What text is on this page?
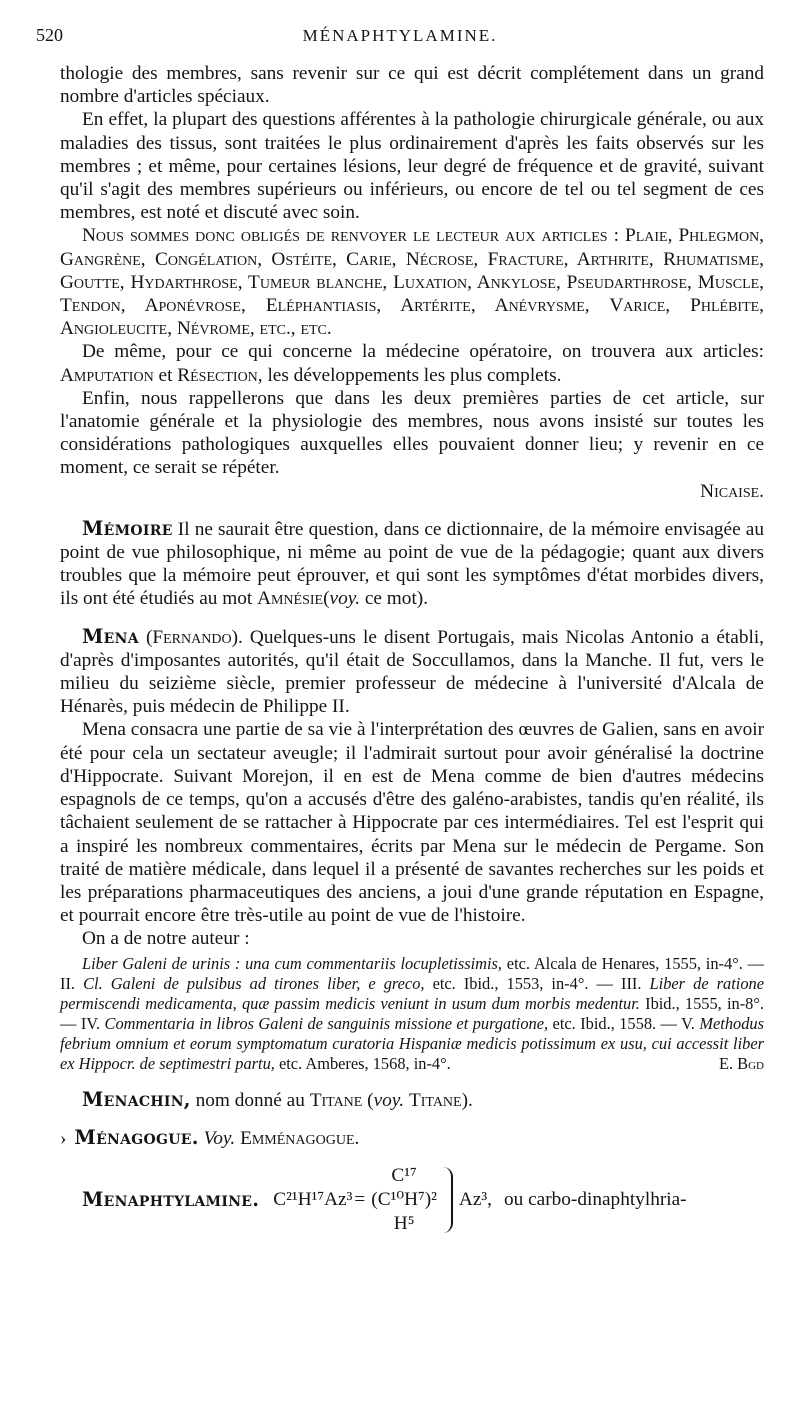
520	MÉNAPHTYLAMINE.

thologie des membres, sans revenir sur ce qui est décrit complétement dans un grand nombre d'articles spéciaux.

En effet, la plupart des questions afférentes à la pathologie chirurgicale générale, ou aux maladies des tissus, sont traitées le plus ordinairement d'après les faits observés sur les membres ; et même, pour certaines lésions, leur degré de fréquence et de gravité, suivant qu'il s'agit des membres supérieurs ou inférieurs, ou encore de tel ou tel segment de ces membres, est noté et discuté avec soin.

Nous sommes donc obligés de renvoyer le lecteur aux articles : Plaie, Phlegmon, Gangrène, Congélation, Ostéite, Carie, Nécrose, Fracture, Arthrite, Rhumatisme, Goutte, Hydarthrose, Tumeur blanche, Luxation, Ankylose, Pseudarthrose, Muscle, Tendon, Aponévrose, Eléphantiasis, Artérite, Anévrysme, Varice, Phlébite, Angioleucite, Névrome, etc., etc.

De même, pour ce qui concerne la médecine opératoire, on trouvera aux articles: Amputation et Résection, les développements les plus complets.

Enfin, nous rappellerons que dans les deux premières parties de cet article, sur l'anatomie générale et la physiologie des membres, nous avons insisté sur toutes les considérations pathologiques auxquelles elles pouvaient donner lieu; y revenir en ce moment, ce serait se répéter.

Nicaise.

Mémoire Il ne saurait être question, dans ce dictionnaire, de la mémoire envisagée au point de vue philosophique, ni même au point de vue de la pédagogie; quant aux divers troubles que la mémoire peut éprouver, et qui sont les symptômes d'état morbides divers, ils ont été étudiés au mot Amnésie(voy. ce mot).

Mena (Fernando). Quelques-uns le disent Portugais, mais Nicolas Antonio a établi, d'après d'imposantes autorités, qu'il était de Soccullamos, dans la Manche. Il fut, vers le milieu du seizième siècle, premier professeur de médecine à l'université d'Alcala de Hénarès, puis médecin de Philippe II.

Mena consacra une partie de sa vie à l'interprétation des œuvres de Galien, sans en avoir été pour cela un sectateur aveugle; il l'admirait surtout pour avoir généralisé la doctrine d'Hippocrate. Suivant Morejon, il en est de Mena comme de bien d'autres médecins espagnols de ce temps, qu'on a accusés d'être des galéno-arabistes, tandis qu'en réalité, ils tâchaient seulement de se rattacher à Hippocrate par ces intermédiaires. Tel est l'esprit qui a inspiré les nombreux commentaires, écrits par Mena sur le médecin de Pergame. Son traité de matière médicale, dans lequel il a présenté de savantes recherches sur les poids et les préparations pharmaceutiques des anciens, a joui d'une grande réputation en Espagne, et pourrait encore être très-utile au point de vue de l'histoire.

On a de notre auteur :

Liber Galeni de urinis : una cum commentariis locupletissimis, etc. Alcala de Henares, 1555, in-4°. — II. Cl. Galeni de pulsibus ad tirones liber, e greco, etc. Ibid., 1553, in-4°. — III. Liber de ratione permiscendi medicamenta, quæ passim medicis veniunt in usum dum morbis medentur. Ibid., 1555, in-8°. — IV. Commentaria in libros Galeni de sanguinis missione et purgatione, etc. Ibid., 1558. — V. Methodus febrium omnium et eorum symptomatum curatoria Hispaniæ medicis potissimum ex usu, cui accessit liber ex Hippocr. de septimestri partu, etc. Amberes, 1568, in-4°.	E. Bgd

Menachin, nom donné au Titane (voy. Titane).

› Ménagogue. Voy. Emménagogue.

Menaphtylamine. C²¹H¹⁷Az³ =
C¹⁷
(C¹⁰H⁷)²
H⁵
Az³, ou carbo-dinaphtylhria-
